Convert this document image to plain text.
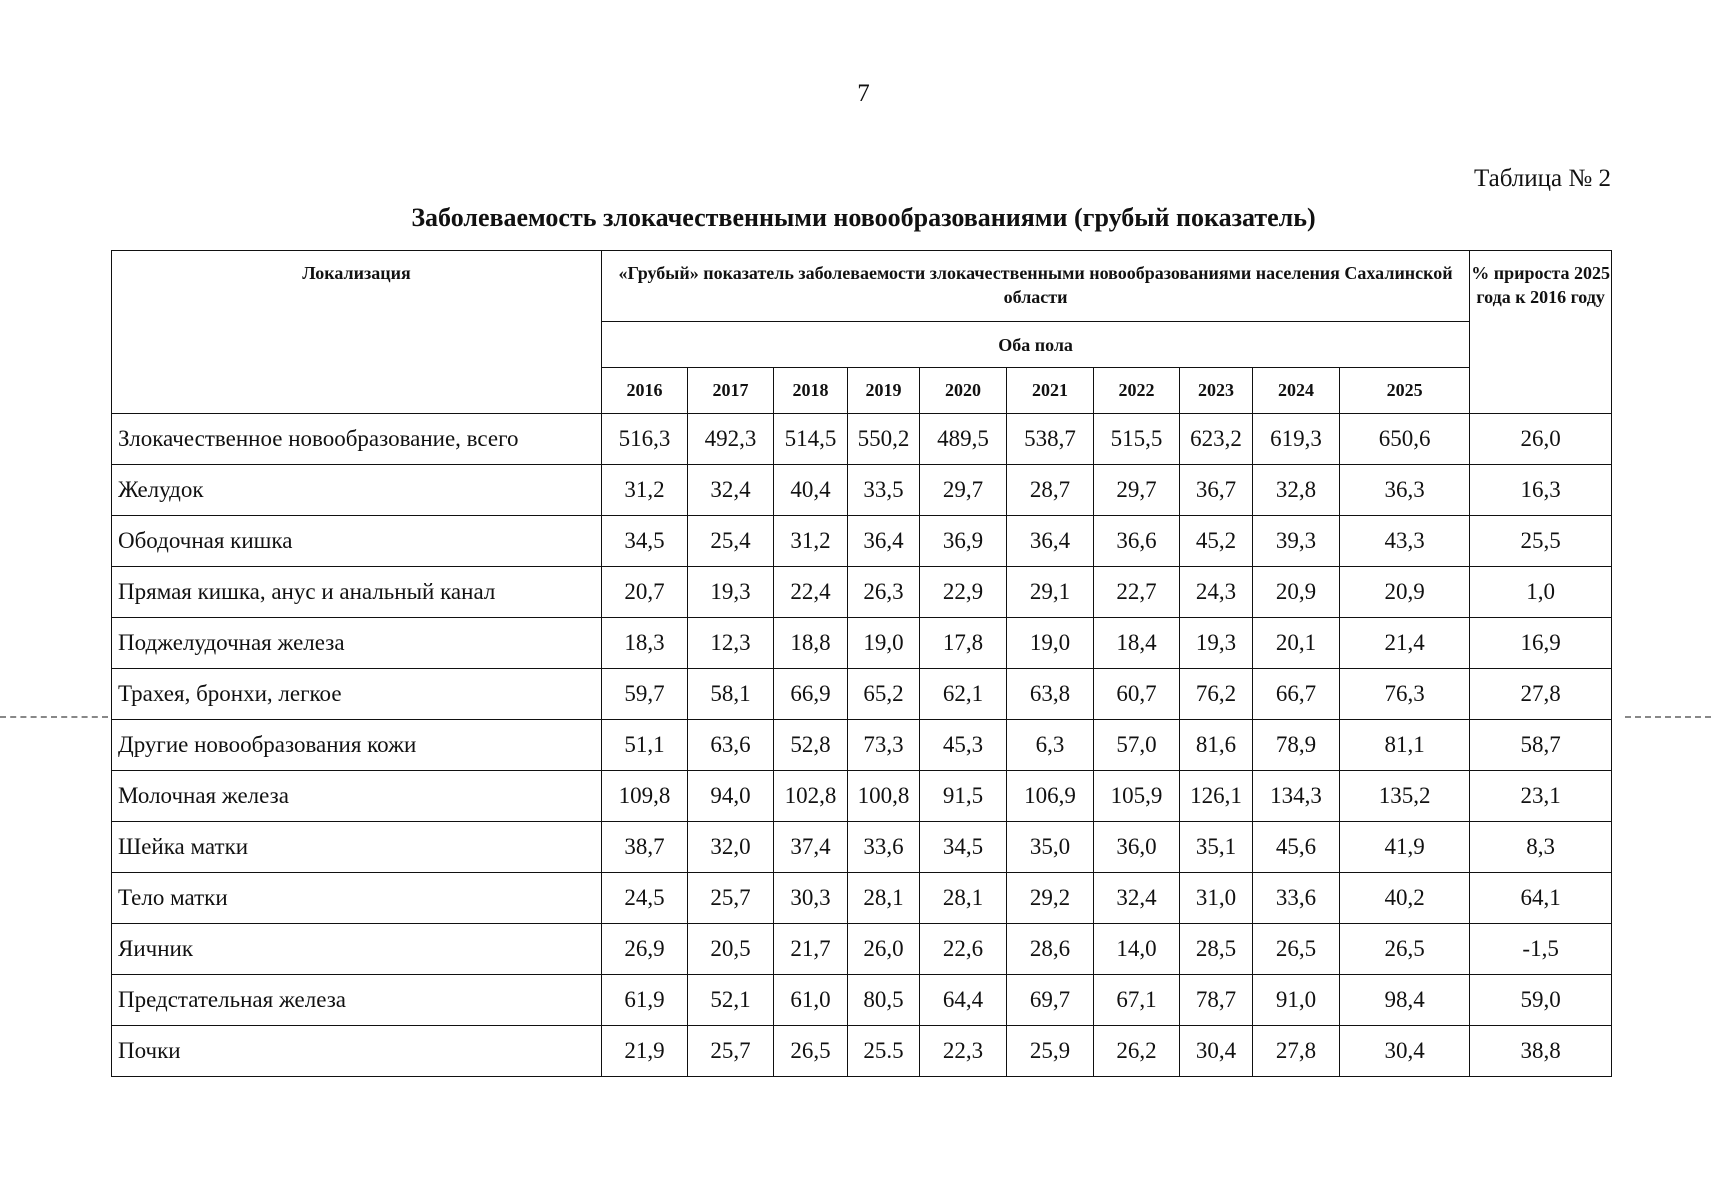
7
Таблица № 2
Заболеваемость злокачественными новообразованиями (грубый показатель)
Локализация	«Грубый» показатель заболеваемости злокачественными новообразованиями населения Сахалинской области										% прироста 2025 года к 2016 году
	Оба пола										
	2016	2017	2018	2019	2020	2021	2022	2023	2024	2025	
Злокачественное новообразование, всего	516,3	492,3	514,5	550,2	489,5	538,7	515,5	623,2	619,3	650,6	26,0
Желудок	31,2	32,4	40,4	33,5	29,7	28,7	29,7	36,7	32,8	36,3	16,3
Ободочная кишка	34,5	25,4	31,2	36,4	36,9	36,4	36,6	45,2	39,3	43,3	25,5
Прямая кишка, анус и анальный канал	20,7	19,3	22,4	26,3	22,9	29,1	22,7	24,3	20,9	20,9	1,0
Поджелудочная железа	18,3	12,3	18,8	19,0	17,8	19,0	18,4	19,3	20,1	21,4	16,9
Трахея, бронхи, легкое	59,7	58,1	66,9	65,2	62,1	63,8	60,7	76,2	66,7	76,3	27,8
Другие новообразования кожи	51,1	63,6	52,8	73,3	45,3	6,3	57,0	81,6	78,9	81,1	58,7
Молочная железа	109,8	94,0	102,8	100,8	91,5	106,9	105,9	126,1	134,3	135,2	23,1
Шейка матки	38,7	32,0	37,4	33,6	34,5	35,0	36,0	35,1	45,6	41,9	8,3
Тело матки	24,5	25,7	30,3	28,1	28,1	29,2	32,4	31,0	33,6	40,2	64,1
Яичник	26,9	20,5	21,7	26,0	22,6	28,6	14,0	28,5	26,5	26,5	-1,5
Предстательная железа	61,9	52,1	61,0	80,5	64,4	69,7	67,1	78,7	91,0	98,4	59,0
Почки	21,9	25,7	26,5	25.5	22,3	25,9	26,2	30,4	27,8	30,4	38,8
